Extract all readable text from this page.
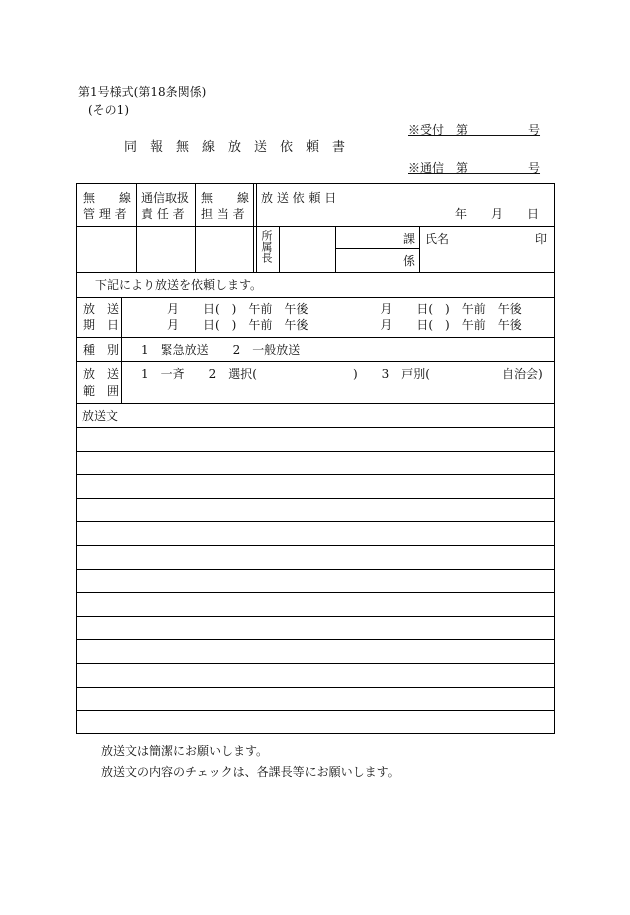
第1号様式(第18条関係)
(その1)
※受付　第　　　　　号
同　報　無　線　放　送　依　頼　書
※通信　第　　　　　号
無　　線
管 理 者
通信取扱
責 任 者
無　　線
担 当 者
放 送 依 頼 日
年　　月　　日
所属長	課
係
氏名	印
下記により放送を依頼します。
放　送
期　日
月　　日(　)　午前　午後　　　　　　月　　日(　)　午前　午後
月　　日(　)　午前　午後　　　　　　月　　日(　)　午前　午後
種　別 1　緊急放送　　2　一般放送
放　送
範　囲
1　一斉　　2　選択(　　　　　　　　)　　3　戸別(　　　　　　自治会)
放送文
放送文は簡潔にお願いします。
放送文の内容のチェックは、各課長等にお願いします。
